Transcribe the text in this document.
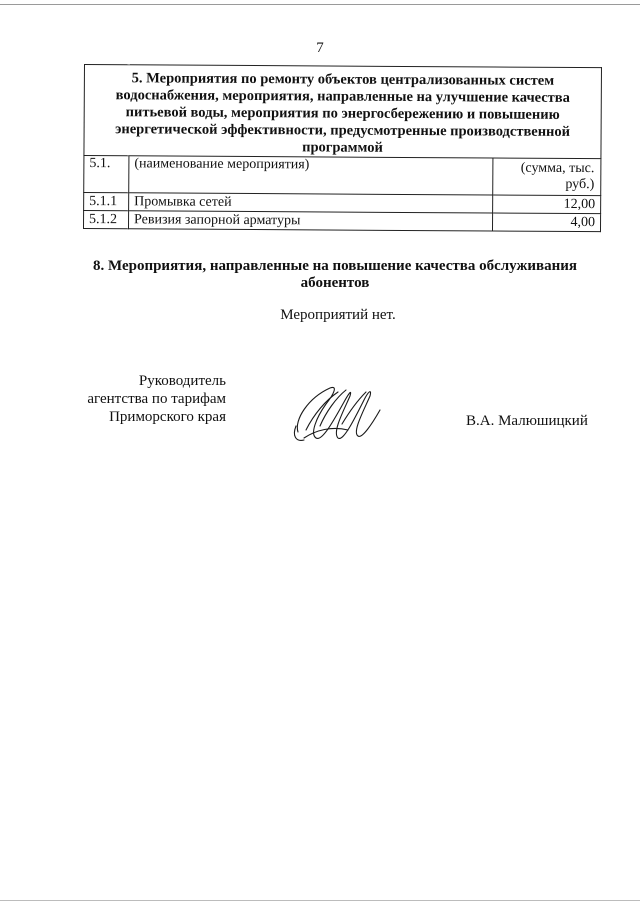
7
5. Мероприятия по ремонту объектов централизованных систем водоснабжения, мероприятия, направленные на улучшение качества питьевой воды, мероприятия по энергосбережению и повышению энергетической эффективности, предусмотренные производственной программой		
5.1.	(наименование мероприятия)	(сумма, тыс. руб.)
5.1.1	Промывка сетей	12,00
5.1.2	Ревизия запорной арматуры	4,00
8. Мероприятия, направленные на повышение качества обслуживания абонентов
Мероприятий нет.
Руководитель
агентства по тарифам
Приморского края	В.А. Малюшицкий
